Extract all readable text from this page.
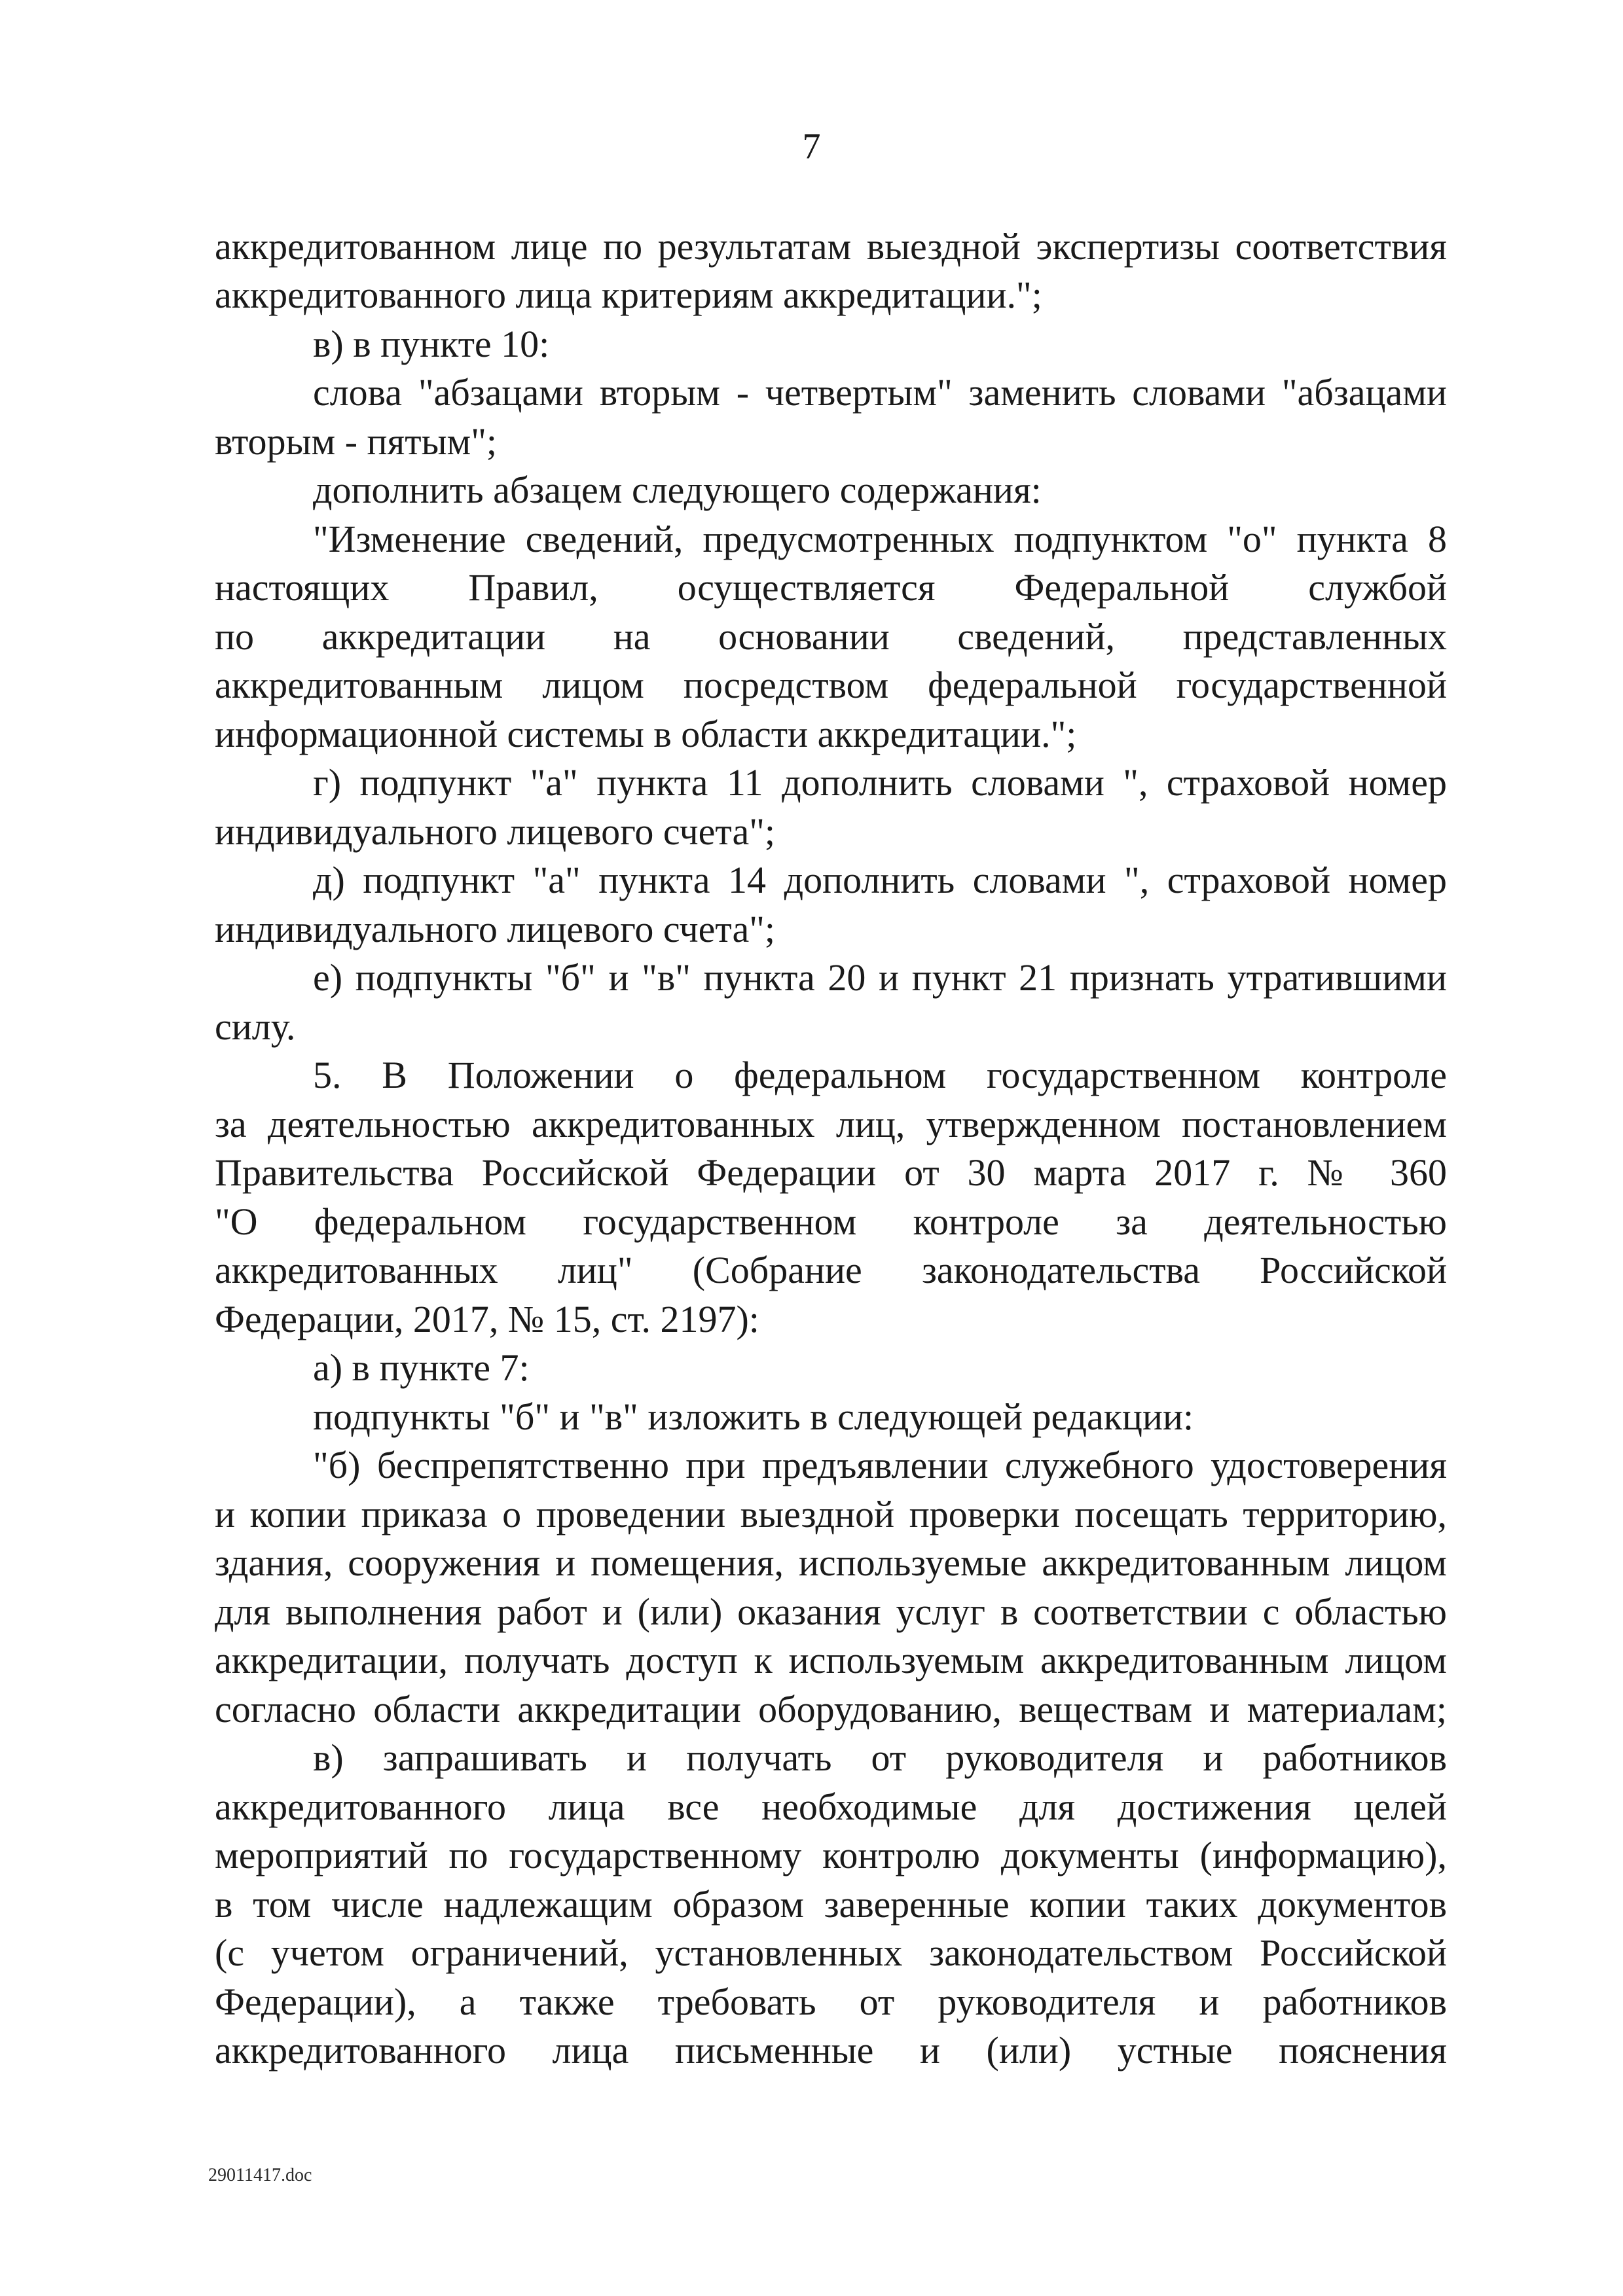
7

аккредитованном лице по результатам выездной экспертизы соответствия

аккредитованного лица критериям аккредитации.";

в) в пункте 10:

слова "абзацами вторым - четвертым" заменить словами "абзацами

вторым - пятым";

дополнить абзацем следующего содержания:

"Изменение сведений, предусмотренных подпунктом "о" пункта 8

настоящих Правил, осуществляется Федеральной службой

по аккредитации на основании сведений, представленных

аккредитованным лицом посредством федеральной государственной

информационной системы в области аккредитации.";

г) подпункт "а" пункта 11 дополнить словами ", страховой номер

индивидуального лицевого счета";

д) подпункт "а" пункта 14 дополнить словами ", страховой номер

индивидуального лицевого счета";

е) подпункты "б" и "в" пункта 20 и пункт 21 признать утратившими

силу.

5. В Положении о федеральном государственном контроле

за деятельностью аккредитованных лиц, утвержденном постановлением

Правительства Российской Федерации от 30 марта 2017 г. № 360

"О федеральном государственном контроле за деятельностью

аккредитованных лиц" (Собрание законодательства Российской

Федерации, 2017, № 15, ст. 2197):

а) в пункте 7:

подпункты "б" и "в" изложить в следующей редакции:

"б) беспрепятственно при предъявлении служебного удостоверения

и копии приказа о проведении выездной проверки посещать территорию,

здания, сооружения и помещения, используемые аккредитованным лицом

для выполнения работ и (или) оказания услуг в соответствии с областью

аккредитации, получать доступ к используемым аккредитованным лицом

согласно области аккредитации оборудованию, веществам и материалам;

в) запрашивать и получать от руководителя и работников

аккредитованного лица все необходимые для достижения целей

мероприятий по государственному контролю документы (информацию),

в том числе надлежащим образом заверенные копии таких документов

(с учетом ограничений, установленных законодательством Российской

Федерации), а также требовать от руководителя и работников

аккредитованного лица письменные и (или) устные пояснения

29011417.doc
